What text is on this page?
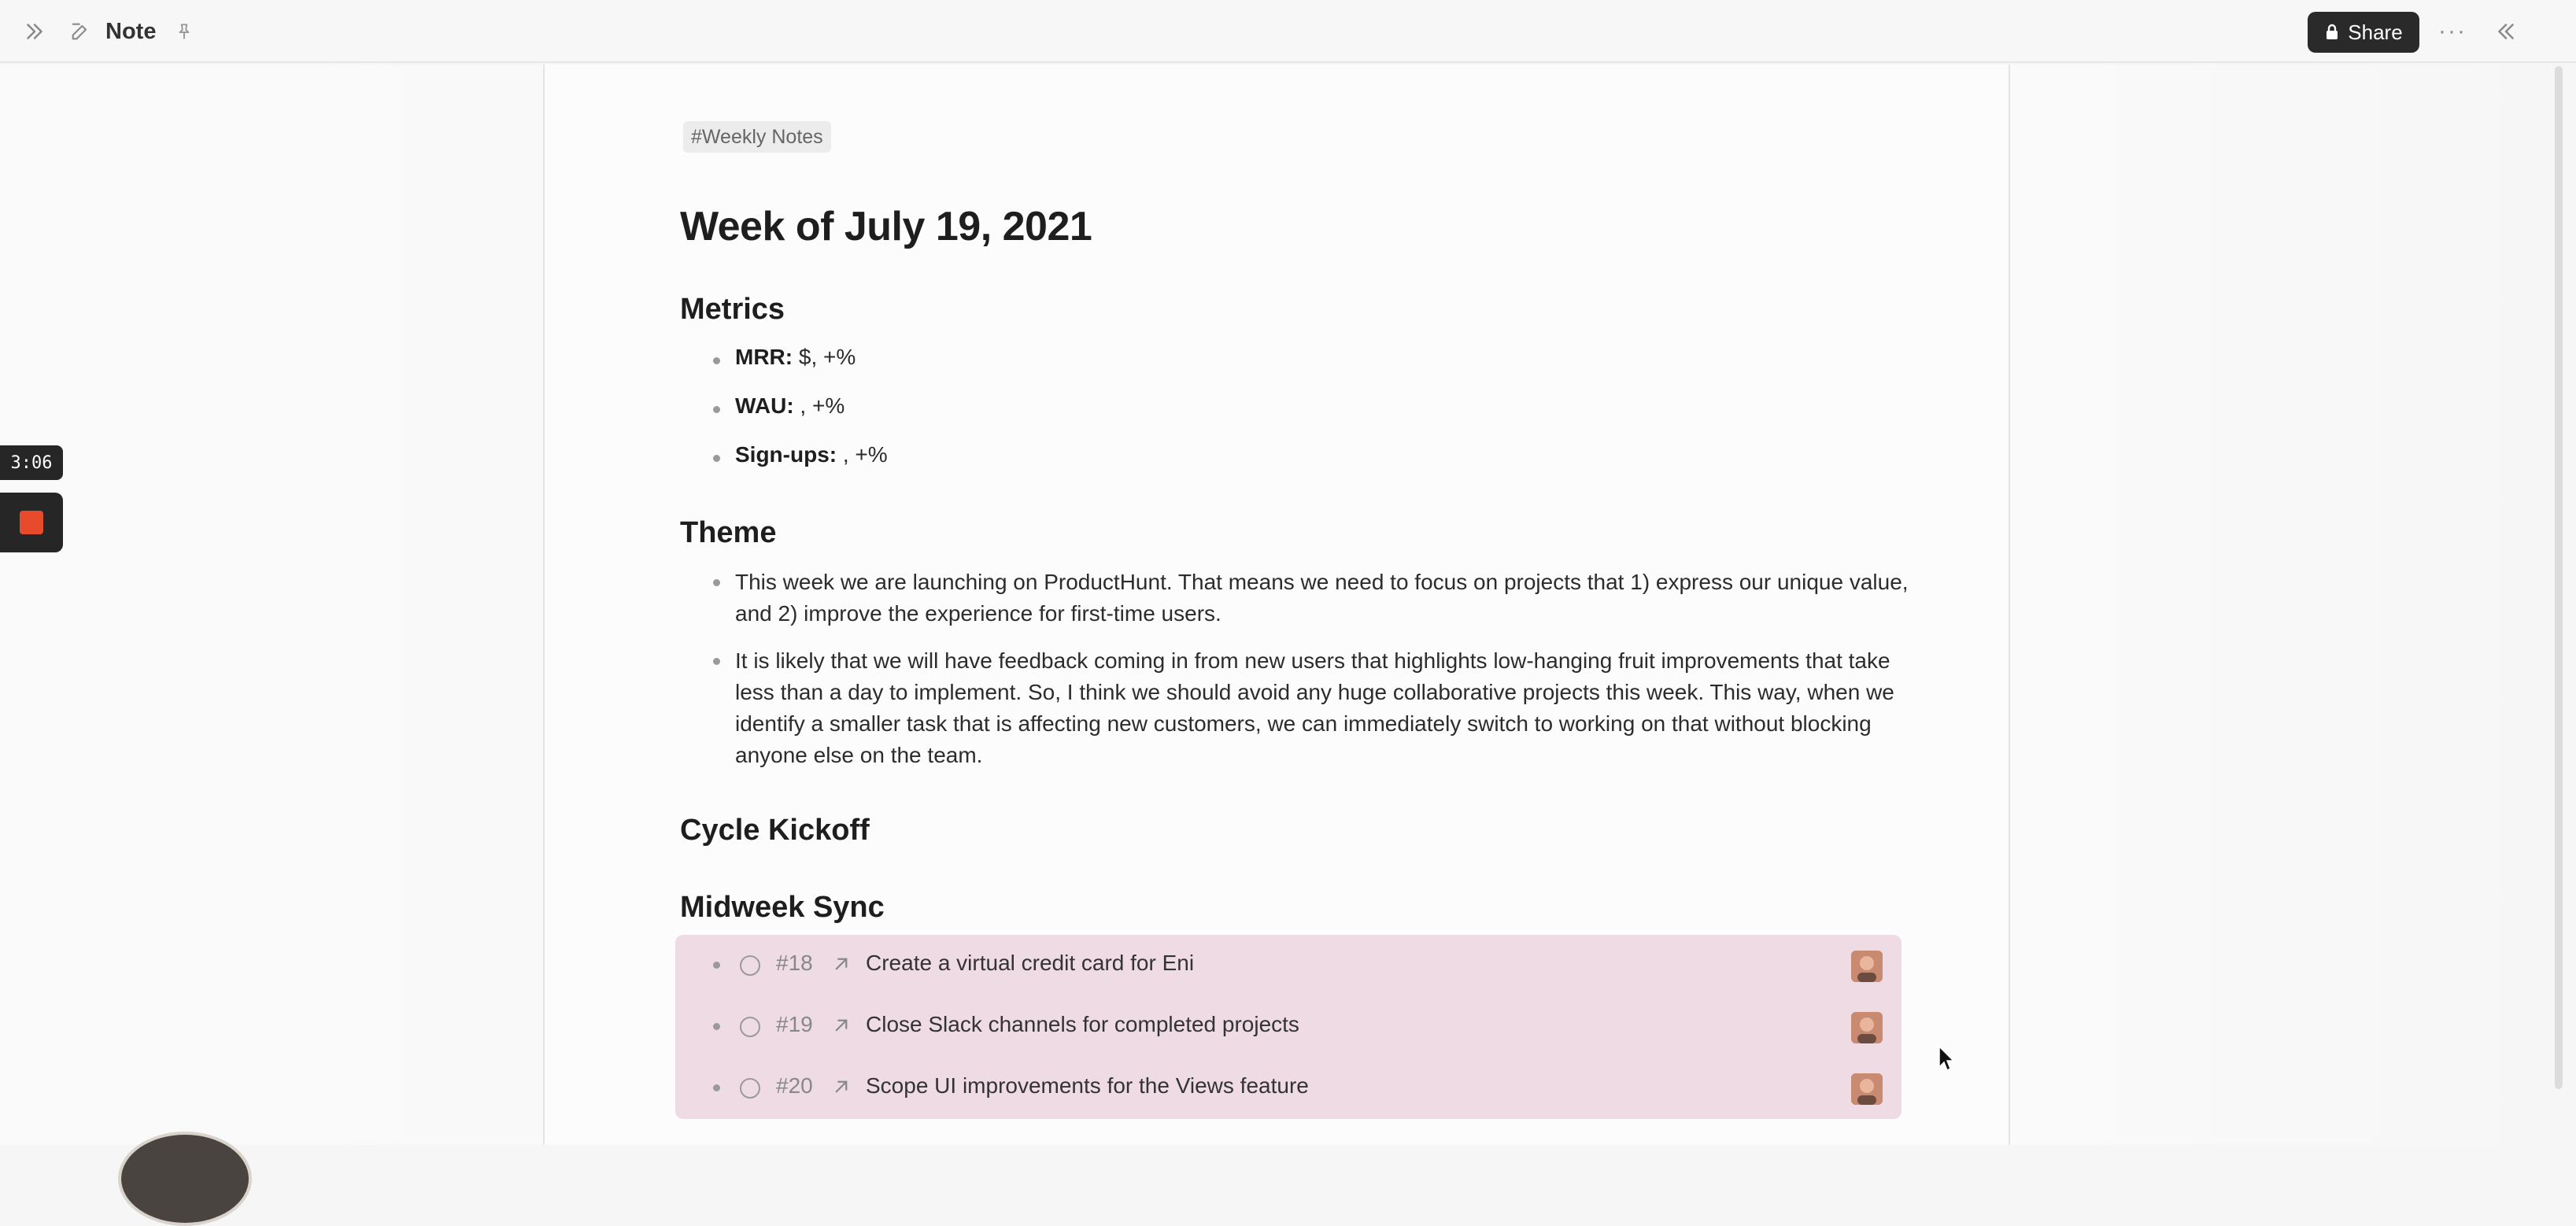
Note	Share ···
3:06
#Weekly Notes
Week of July 19, 2021
Metrics
MRR: $, +%
WAU: , +%
Sign-ups: , +%
Theme
This week we are launching on ProductHunt. That means we need to focus on projects that 1) express our unique value, and 2) improve the experience for first-time users.
It is likely that we will have feedback coming in from new users that highlights low-hanging fruit improvements that take less than a day to implement. So, I think we should avoid any huge collaborative projects this week. This way, when we identify a smaller task that is affecting new customers, we can immediately switch to working on that without blocking anyone else on the team.
Cycle Kickoff
Midweek Sync
#18 Create a virtual credit card for Eni
#19 Close Slack channels for completed projects
#20 Scope UI improvements for the Views feature
